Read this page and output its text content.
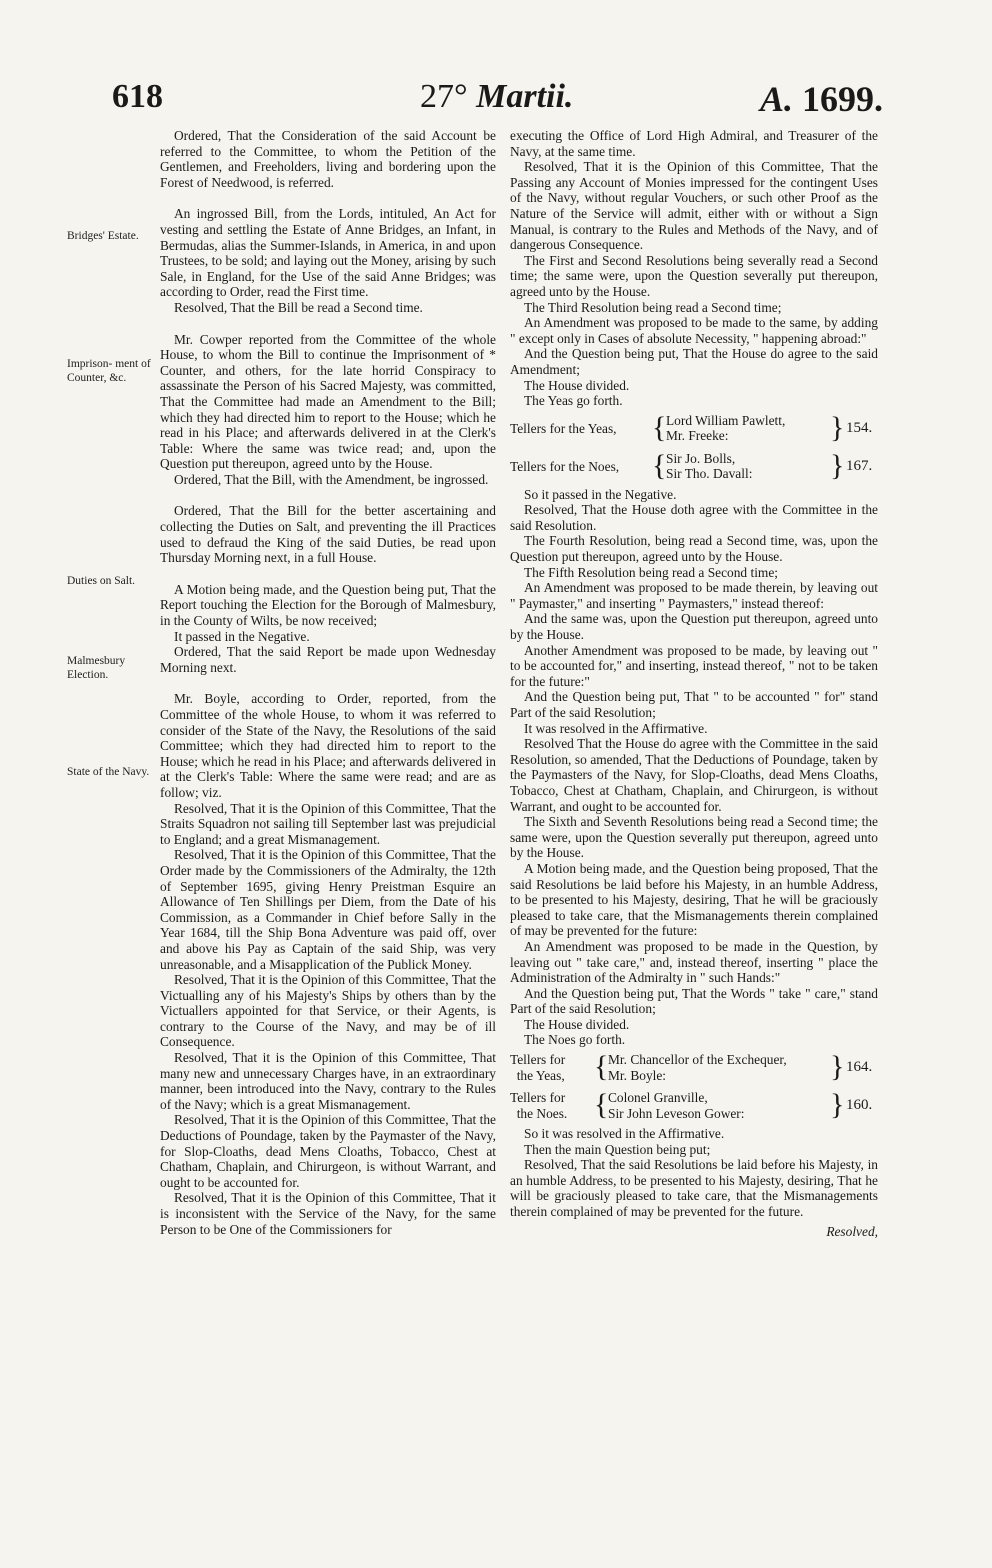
618	27° Martii.	A. 1699.
Bridges' Estate.
Imprison- ment of Counter, &c.
Duties on Salt.
Malmesbury Election.
State of the Navy.

Ordered, That the Consideration of the said Account be referred to the Committee, to whom the Petition of the Gentlemen, and Freeholders, living and bordering upon the Forest of Needwood, is referred.

An ingrossed Bill, from the Lords, intituled, An Act for vesting and settling the Estate of Anne Bridges, an Infant, in Bermudas, alias the Summer-Islands, in America, in and upon Trustees, to be sold; and laying out the Money, arising by such Sale, in England, for the Use of the said Anne Bridges; was according to Order, read the First time.

Resolved, That the Bill be read a Second time.

Mr. Cowper reported from the Committee of the whole House, to whom the Bill to continue the Imprisonment of * Counter, and others, for the late horrid Conspiracy to assassinate the Person of his Sacred Majesty, was committed, That the Committee had made an Amendment to the Bill; which they had directed him to report to the House; which he read in his Place; and afterwards delivered in at the Clerk's Table: Where the same was twice read; and, upon the Question put thereupon, agreed unto by the House.

Ordered, That the Bill, with the Amendment, be ingrossed.

Ordered, That the Bill for the better ascertaining and collecting the Duties on Salt, and preventing the ill Practices used to defraud the King of the said Duties, be read upon Thursday Morning next, in a full House.

A Motion being made, and the Question being put, That the Report touching the Election for the Borough of Malmesbury, in the County of Wilts, be now received;

It passed in the Negative.

Ordered, That the said Report be made upon Wednesday Morning next.

Mr. Boyle, according to Order, reported, from the Committee of the whole House, to whom it was referred to consider of the State of the Navy, the Resolutions of the said Committee; which they had directed him to report to the House; which he read in his Place; and afterwards delivered in at the Clerk's Table: Where the same were read; and are as follow; viz.

Resolved, That it is the Opinion of this Committee, That the Straits Squadron not sailing till September last was prejudicial to England; and a great Mismanagement.

Resolved, That it is the Opinion of this Committee, That the Order made by the Commissioners of the Admiralty, the 12th of September 1695, giving Henry Preistman Esquire an Allowance of Ten Shillings per Diem, from the Date of his Commission, as a Commander in Chief before Sally in the Year 1684, till the Ship Bona Adventure was paid off, over and above his Pay as Captain of the said Ship, was very unreasonable, and a Misapplication of the Publick Money.

Resolved, That it is the Opinion of this Committee, That the Victualling any of his Majesty's Ships by others than by the Victuallers appointed for that Service, or their Agents, is contrary to the Course of the Navy, and may be of ill Consequence.

Resolved, That it is the Opinion of this Committee, That many new and unnecessary Charges have, in an extraordinary manner, been introduced into the Navy, contrary to the Rules of the Navy; which is a great Mismanagement.

Resolved, That it is the Opinion of this Committee, That the Deductions of Poundage, taken by the Paymaster of the Navy, for Slop-Cloaths, dead Mens Cloaths, Tobacco, Chest at Chatham, Chaplain, and Chirurgeon, is without Warrant, and ought to be accounted for.

Resolved, That it is the Opinion of this Committee, That it is inconsistent with the Service of the Navy, for the same Person to be One of the Commissioners for

executing the Office of Lord High Admiral, and Treasurer of the Navy, at the same time.

Resolved, That it is the Opinion of this Committee, That the Passing any Account of Monies impressed for the contingent Uses of the Navy, without regular Vouchers, or such other Proof as the Nature of the Service will admit, either with or without a Sign Manual, is contrary to the Rules and Methods of the Navy, and of dangerous Consequence.

The First and Second Resolutions being severally read a Second time; the same were, upon the Question severally put thereupon, agreed unto by the House.

The Third Resolution being read a Second time;

An Amendment was proposed to be made to the same, by adding " except only in Cases of absolute Necessity, " happening abroad:"

And the Question being put, That the House do agree to the said Amendment;

The House divided.

The Yeas go forth.

Tellers for the Yeas, { Lord William Pawlett,
Mr. Freeke:	} 154.
Tellers for the Noes, { Sir Jo. Bolls,
Sir Tho. Davall:	} 167.

So it passed in the Negative.

Resolved, That the House doth agree with the Committee in the said Resolution.

The Fourth Resolution, being read a Second time, was, upon the Question put thereupon, agreed unto by the House.

The Fifth Resolution being read a Second time;

An Amendment was proposed to be made therein, by leaving out " Paymaster," and inserting " Paymasters," instead thereof:

And the same was, upon the Question put thereupon, agreed unto by the House.

Another Amendment was proposed to be made, by leaving out " to be accounted for," and inserting, instead thereof, " not to be taken for the future:"

And the Question being put, That " to be accounted " for" stand Part of the said Resolution;

It was resolved in the Affirmative.

Resolved That the House do agree with the Committee in the said Resolution, so amended, That the Deductions of Poundage, taken by the Paymasters of the Navy, for Slop-Cloaths, dead Mens Cloaths, Tobacco, Chest at Chatham, Chaplain, and Chirurgeon, is without Warrant, and ought to be accounted for.

The Sixth and Seventh Resolutions being read a Second time; the same were, upon the Question severally put thereupon, agreed unto by the House.

A Motion being made, and the Question being proposed, That the said Resolutions be laid before his Majesty, in an humble Address, to be presented to his Majesty, desiring, That he will be graciously pleased to take care, that the Mismanagements therein complained of may be prevented for the future:

An Amendment was proposed to be made in the Question, by leaving out " take care," and, instead thereof, inserting " place the Administration of the Admiralty in " such Hands:"

And the Question being put, That the Words " take " care," stand Part of the said Resolution;

The House divided.

The Noes go forth.

Tellers for
the Yeas, { Mr. Chancellor of the Exchequer,
Mr. Boyle:	} 164.
Tellers for
the Noes. { Colonel Granville,
Sir John Leveson Gower:	} 160.

So it was resolved in the Affirmative.

Then the main Question being put;

Resolved, That the said Resolutions be laid before his Majesty, in an humble Address, to be presented to his Majesty, desiring, That he will be graciously pleased to take care, that the Mismanagements therein complained of may be prevented for the future.

Resolved,
